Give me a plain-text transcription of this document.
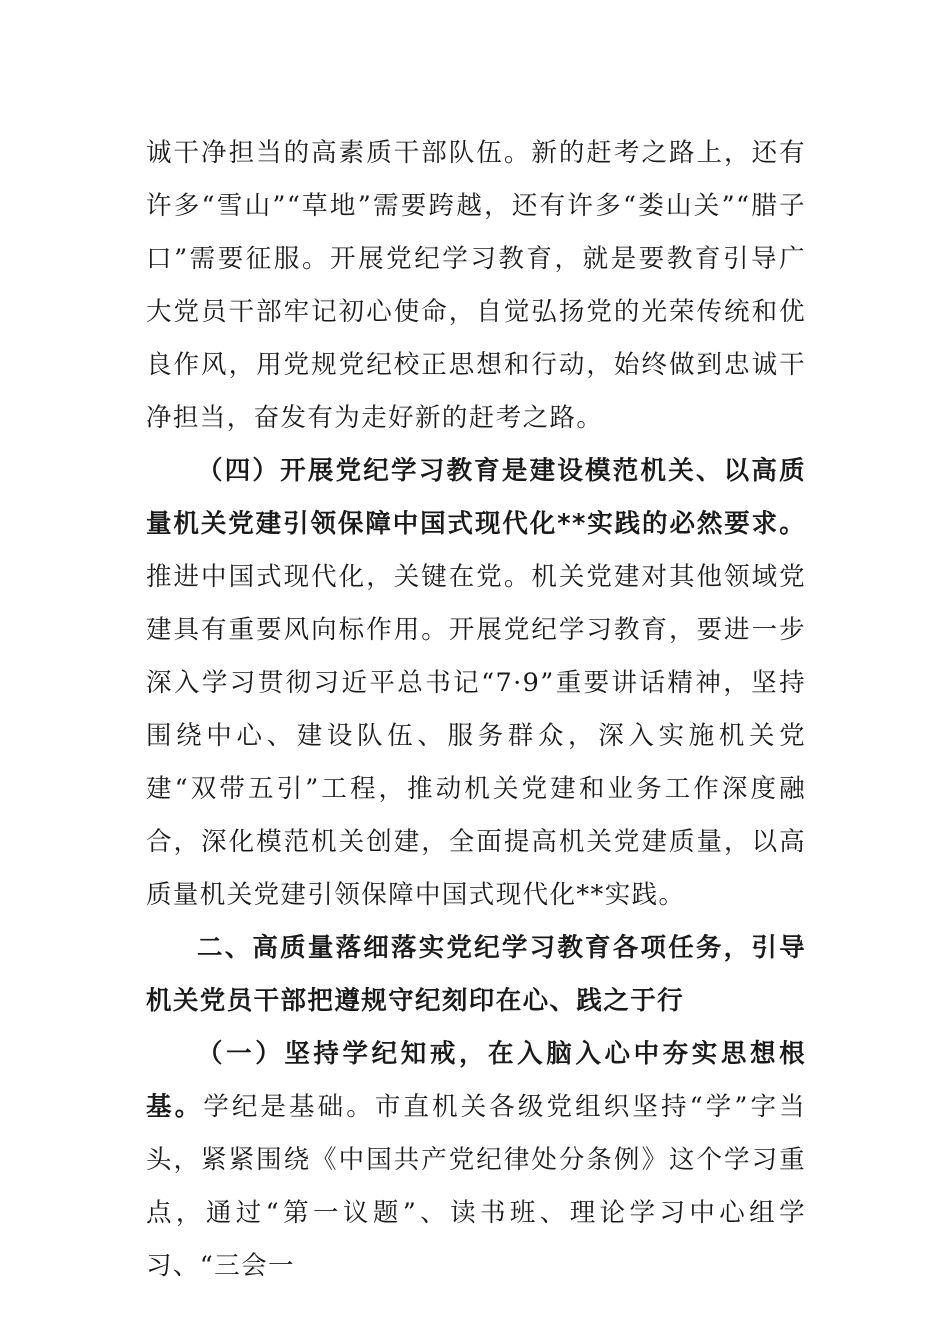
诚干净担当的高素质干部队伍。新的赶考之路上，还有许多“雪山”“草地”需要跨越，还有许多“娄山关”“腊子口”需要征服。开展党纪学习教育，就是要教育引导广大党员干部牢记初心使命，自觉弘扬党的光荣传统和优良作风，用党规党纪校正思想和行动，始终做到忠诚干净担当，奋发有为走好新的赶考之路。

（四）开展党纪学习教育是建设模范机关、以高质量机关党建引领保障中国式现代化**实践的必然要求。推进中国式现代化，关键在党。机关党建对其他领域党建具有重要风向标作用。开展党纪学习教育，要进一步深入学习贯彻习近平总书记“7·9”重要讲话精神，坚持围绕中心、建设队伍、服务群众，深入实施机关党建“双带五引”工程，推动机关党建和业务工作深度融合，深化模范机关创建，全面提高机关党建质量，以高质量机关党建引领保障中国式现代化**实践。

二、高质量落细落实党纪学习教育各项任务，引导机关党员干部把遵规守纪刻印在心、践之于行

（一）坚持学纪知戒，在入脑入心中夯实思想根基。学纪是基础。市直机关各级党组织坚持“学”字当头，紧紧围绕《中国共产党纪律处分条例》这个学习重点，通过“第一议题”、读书班、理论学习中心组学习、“三会一
